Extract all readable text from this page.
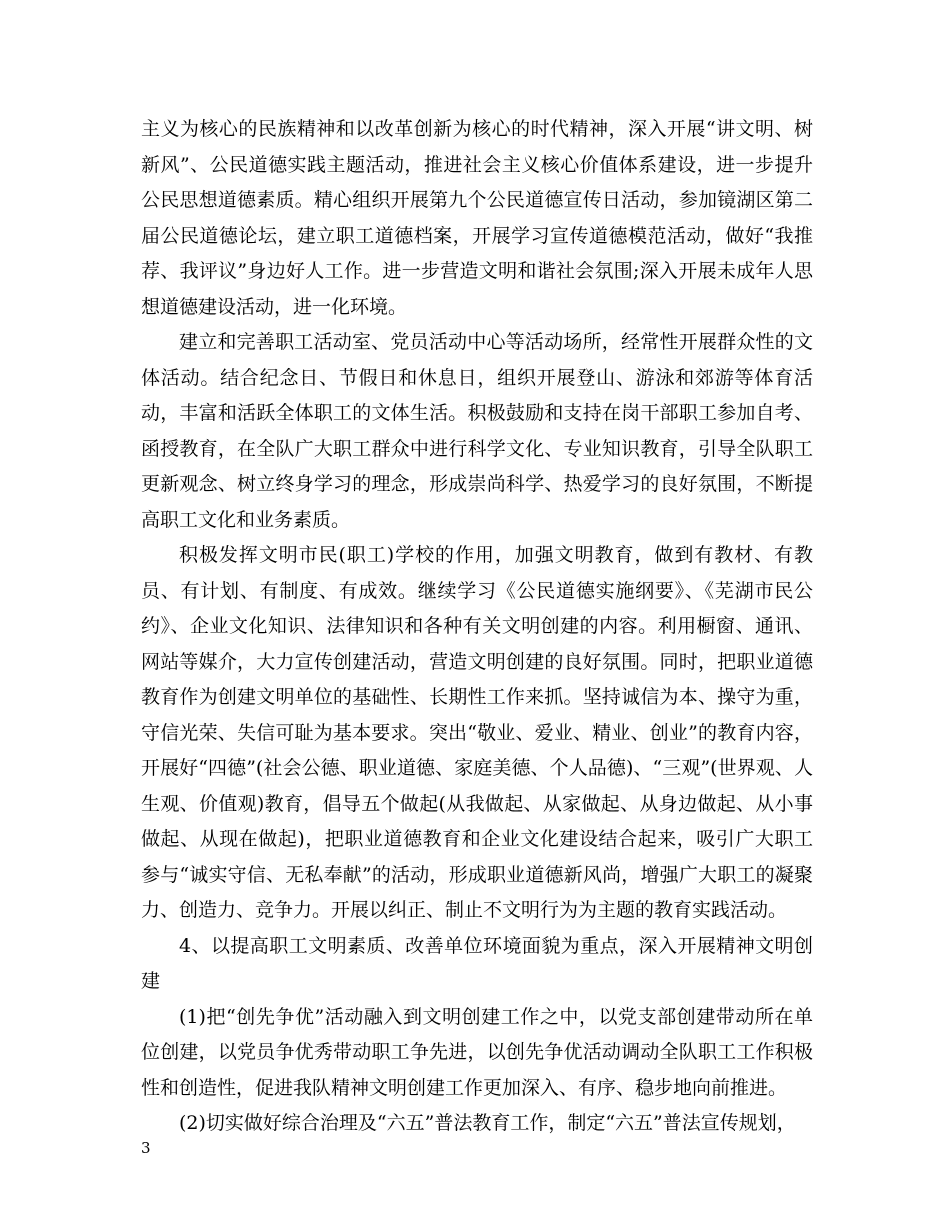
主义为核心的民族精神和以改革创新为核心的时代精神，深入开展“讲文明、树新风”、公民道德实践主题活动，推进社会主义核心价值体系建设，进一步提升公民思想道德素质。精心组织开展第九个公民道德宣传日活动，参加镜湖区第二届公民道德论坛，建立职工道德档案，开展学习宣传道德模范活动，做好“我推荐、我评议”身边好人工作。进一步营造文明和谐社会氛围;深入开展未成年人思想道德建设活动，进一化环境。

建立和完善职工活动室、党员活动中心等活动场所，经常性开展群众性的文体活动。结合纪念日、节假日和休息日，组织开展登山、游泳和郊游等体育活动，丰富和活跃全体职工的文体生活。积极鼓励和支持在岗干部职工参加自考、函授教育，在全队广大职工群众中进行科学文化、专业知识教育，引导全队职工更新观念、树立终身学习的理念，形成崇尚科学、热爱学习的良好氛围，不断提高职工文化和业务素质。

积极发挥文明市民(职工)学校的作用，加强文明教育，做到有教材、有教员、有计划、有制度、有成效。继续学习《公民道德实施纲要》、《芜湖市民公约》、企业文化知识、法律知识和各种有关文明创建的内容。利用橱窗、通讯、网站等媒介，大力宣传创建活动，营造文明创建的良好氛围。同时，把职业道德教育作为创建文明单位的基础性、长期性工作来抓。坚持诚信为本、操守为重，守信光荣、失信可耻为基本要求。突出“敬业、爱业、精业、创业”的教育内容，开展好“四德”(社会公德、职业道德、家庭美德、个人品德)、“三观”(世界观、人生观、价值观)教育，倡导五个做起(从我做起、从家做起、从身边做起、从小事做起、从现在做起)，把职业道德教育和企业文化建设结合起来，吸引广大职工参与“诚实守信、无私奉献”的活动，形成职业道德新风尚，增强广大职工的凝聚力、创造力、竞争力。开展以纠正、制止不文明行为为主题的教育实践活动。

4、以提高职工文明素质、改善单位环境面貌为重点，深入开展精神文明创建

(1)把“创先争优”活动融入到文明创建工作之中，以党支部创建带动所在单位创建，以党员争优秀带动职工争先进，以创先争优活动调动全队职工工作积极性和创造性，促进我队精神文明创建工作更加深入、有序、稳步地向前推进。

(2)切实做好综合治理及“六五”普法教育工作，制定“六五”普法宣传规划，

3
